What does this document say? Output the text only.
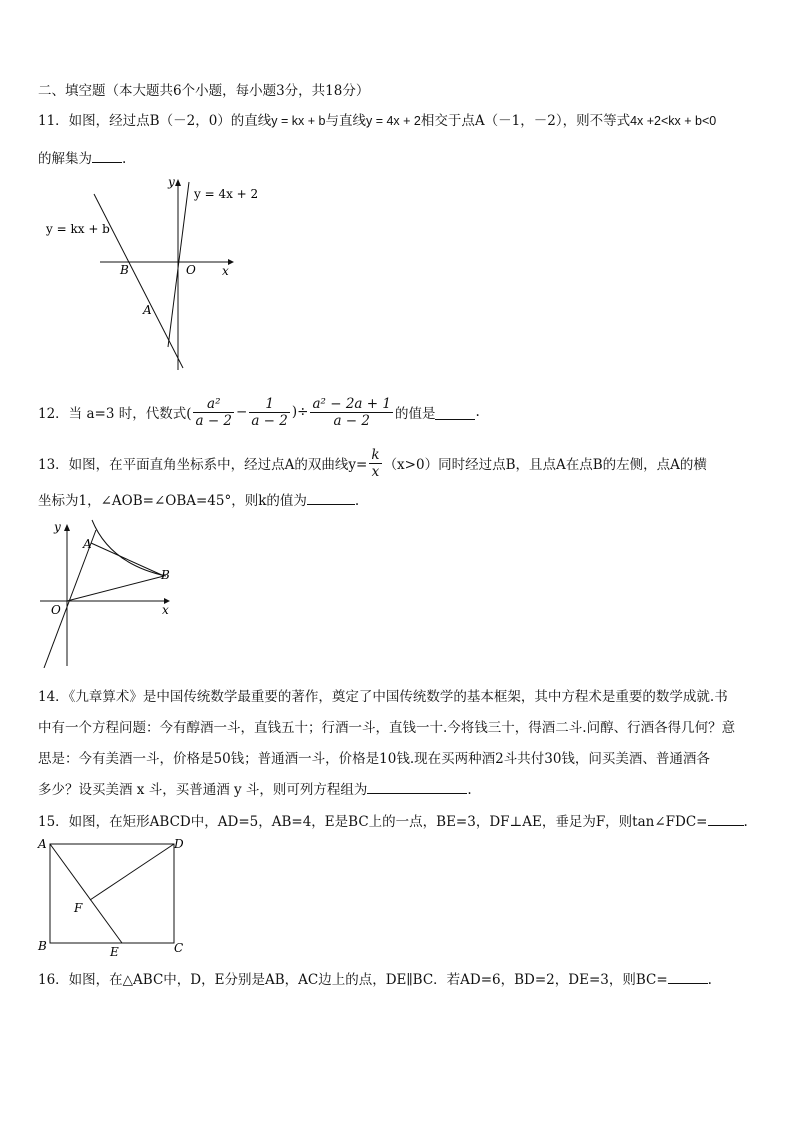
二、填空题（本大题共6个小题，每小题3分，共18分）
11．如图，经过点B（－2，0）的直线y = kx + b与直线y = 4x + 2相交于点A（－1，－2），则不等式4x +2<kx + b<0
的解集为 .
y
x
y = 4x + 2
y = kx + b
B	O
A
12．当 a=3 时，代数式( $\frac{\text{a²}}{a - 2} - \frac{1}{a - 2}$ )÷ $\frac{\text{a² − 2a + 1}}{a - 2}$ 的值是	.
13．如图，在平面直角坐标系中，经过点A的双曲线$y= \frac{k}{x} (x>0)$同时经过点B，且点A在点B的左侧，点A的横
坐标为1，∠AOB=∠OBA=45°，则k的值为	.
y
x
A
B
O
14．《九章算术》是中国传统数学最重要的著作，奠定了中国传统数学的基本框架，其中方程术是重要的数学成就.书
中有一个方程问题：今有醇酒一斗，直钱五十；行酒一斗，直钱一十.今将钱三十，得酒二斗.问醇、行酒各得几何？意
思是：今有美酒一斗，价格是50钱；普通酒一斗，价格是10钱.现在买两种酒2斗共付30钱，问买美酒、普通酒各
多少？设买美酒 x 斗，买普通酒 y 斗，则可列方程组为	.
15．如图，在矩形ABCD中，AD=5，AB=4，E是BC上的一点，BE=3，DF⊥AE，垂足为F，则tan∠FDC=	.
A	D
F
B	E	C
16．如图，在△ABC中，D，E分别是AB，AC边上的点，DE∥BC．若AD=6，BD=2，DE=3，则BC=	.
